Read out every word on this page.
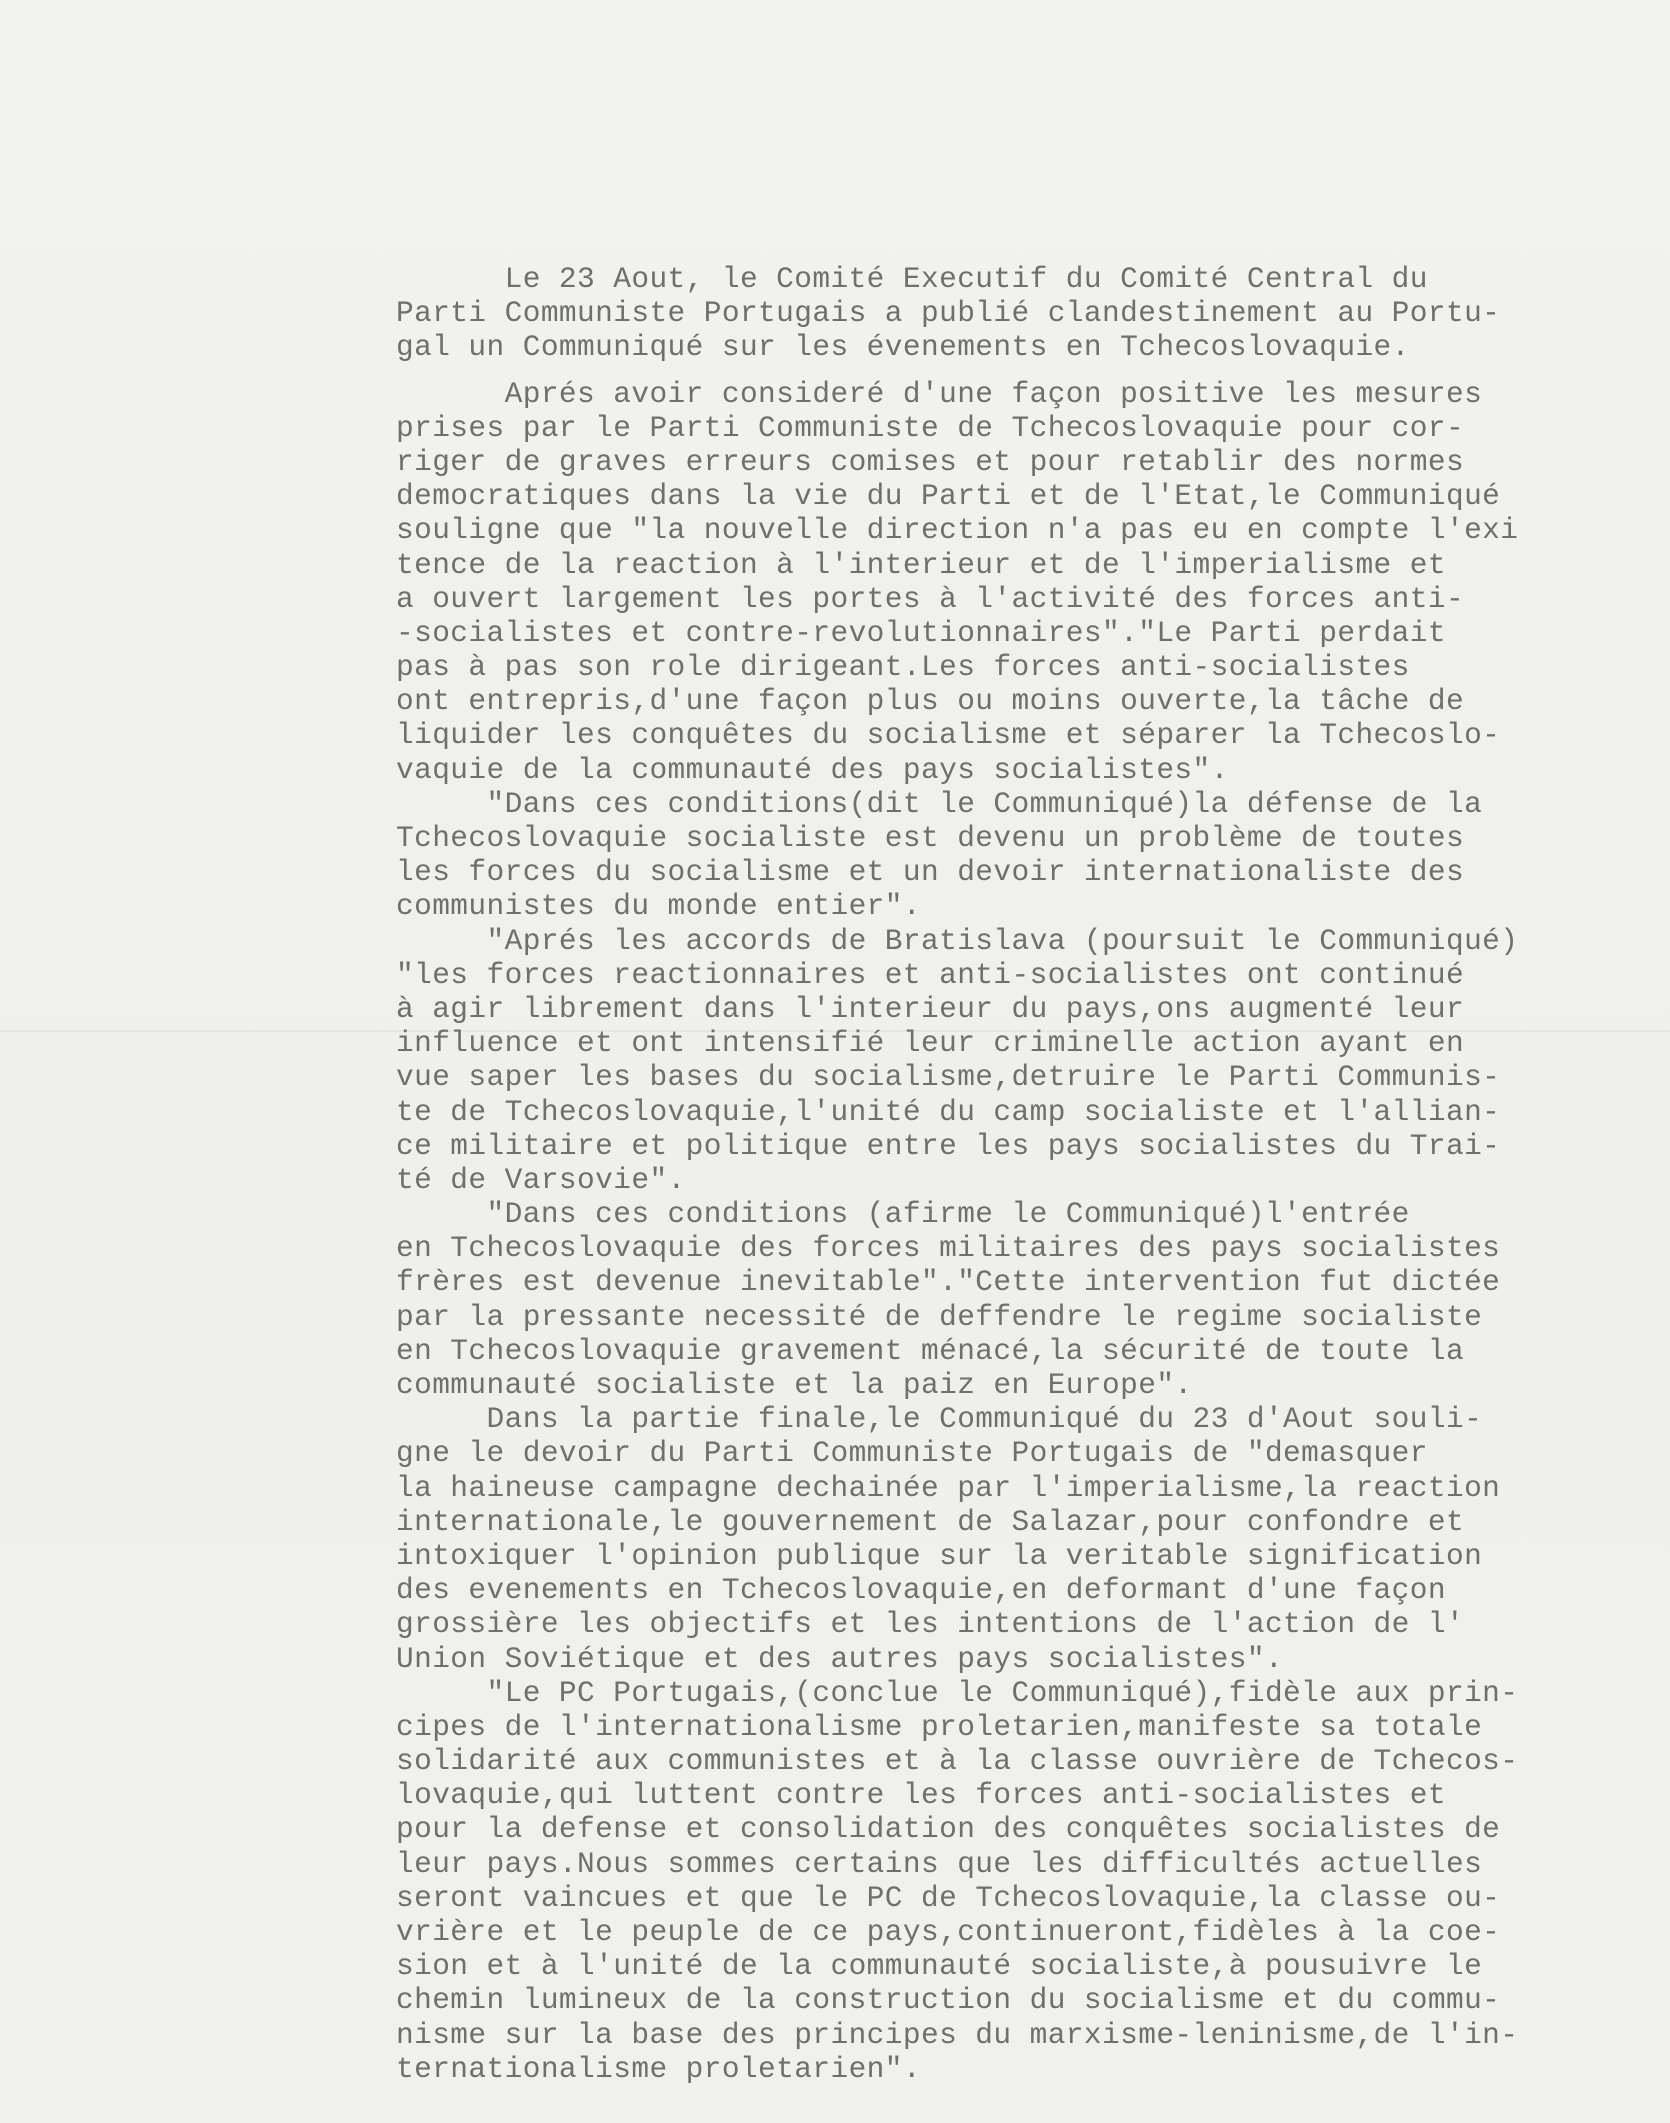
Le 23 Aout, le Comité Executif du Comité Central du
Parti Communiste Portugais a publié clandestinement au Portu-
gal un Communiqué sur les évenements en Tchecoslovaquie.
Aprés avoir consideré d'une façon positive les mesures
prises par le Parti Communiste de Tchecoslovaquie pour cor-
riger de graves erreurs comises et pour retablir des normes
democratiques dans la vie du Parti et de l'Etat,le Communiqué
souligne que "la nouvelle direction n'a pas eu en compte l'exi
tence de la reaction à l'interieur et de l'imperialisme et
a ouvert largement les portes à l'activité des forces anti-
-socialistes et contre-revolutionnaires"."Le Parti perdait
pas à pas son role dirigeant.Les forces anti-socialistes
ont entrepris,d'une façon plus ou moins ouverte,la tâche de
liquider les conquêtes du socialisme et séparer la Tchecoslo-
vaquie de la communauté des pays socialistes".
"Dans ces conditions(dit le Communiqué)la défense de la
Tchecoslovaquie socialiste est devenu un problème de toutes
les forces du socialisme et un devoir internationaliste des
communistes du monde entier".
"Aprés les accords de Bratislava (poursuit le Communiqué)
"les forces reactionnaires et anti-socialistes ont continué
à agir librement dans l'interieur du pays,ons augmenté leur
influence et ont intensifié leur criminelle action ayant en
vue saper les bases du socialisme,detruire le Parti Communis-
te de Tchecoslovaquie,l'unité du camp socialiste et l'allian-
ce militaire et politique entre les pays socialistes du Trai-
té de Varsovie".
"Dans ces conditions (afirme le Communiqué)l'entrée
en Tchecoslovaquie des forces militaires des pays socialistes
frères est devenue inevitable"."Cette intervention fut dictée
par la pressante necessité de deffendre le regime socialiste
en Tchecoslovaquie gravement ménacé,la sécurité de toute la
communauté socialiste et la paiz en Europe".
Dans la partie finale,le Communiqué du 23 d'Aout souli-
gne le devoir du Parti Communiste Portugais de "demasquer
la haineuse campagne dechainée par l'imperialisme,la reaction
internationale,le gouvernement de Salazar,pour confondre et
intoxiquer l'opinion publique sur la veritable signification
des evenements en Tchecoslovaquie,en deformant d'une façon
grossière les objectifs et les intentions de l'action de l'
Union Soviétique et des autres pays socialistes".
"Le PC Portugais,(conclue le Communiqué),fidèle aux prin-
cipes de l'internationalisme proletarien,manifeste sa totale
solidarité aux communistes et à la classe ouvrière de Tchecos-
lovaquie,qui luttent contre les forces anti-socialistes et
pour la defense et consolidation des conquêtes socialistes de
leur pays.Nous sommes certains que les difficultés actuelles
seront vaincues et que le PC de Tchecoslovaquie,la classe ou-
vrière et le peuple de ce pays,continueront,fidèles à la coe-
sion et à l'unité de la communauté socialiste,à pousuivre le
chemin lumineux de la construction du socialisme et du commu-
nisme sur la base des principes du marxisme-leninisme,de l'in-
ternationalisme proletarien".
